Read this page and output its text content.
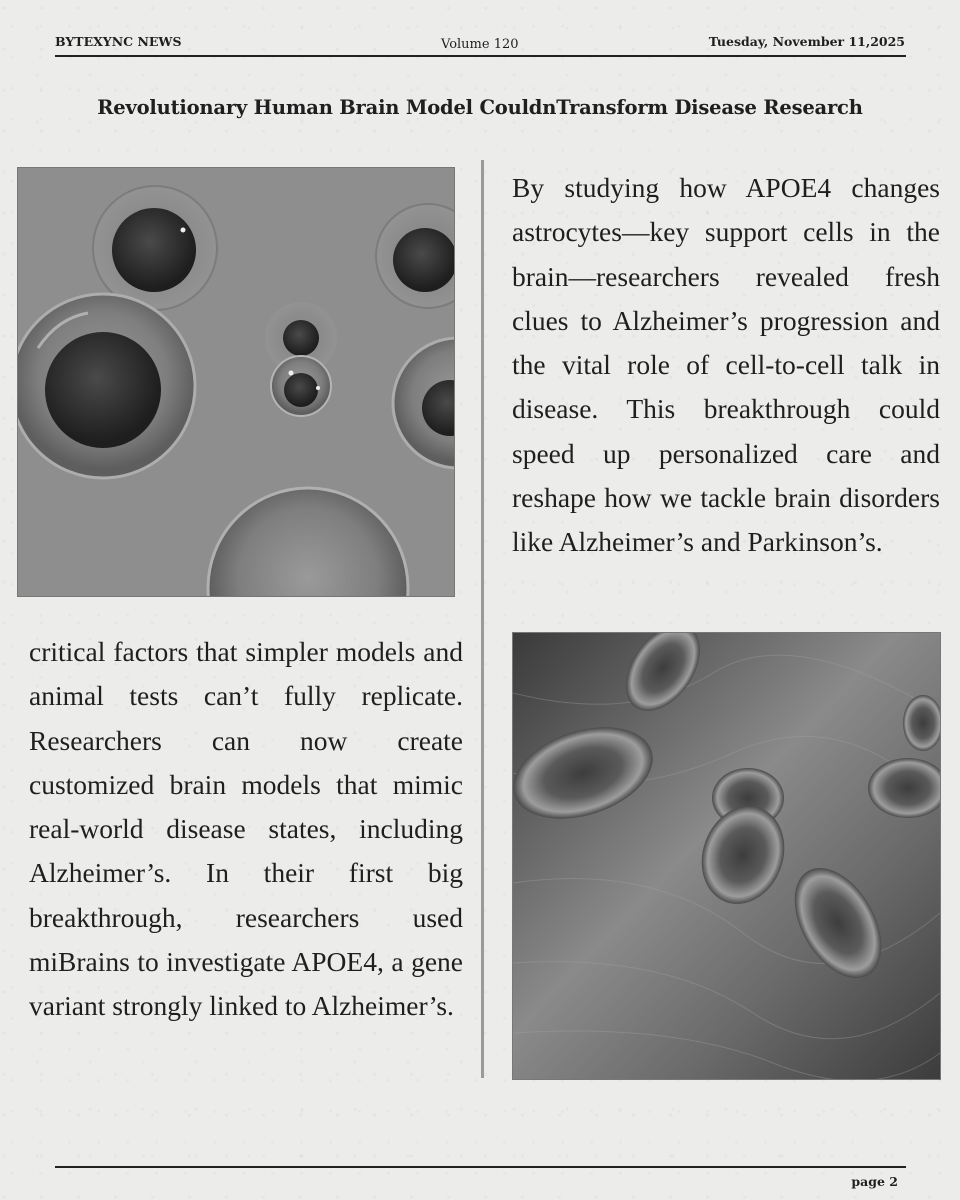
BYTEXYNC NEWS	Volume 120	Tuesday, November 11,2025
Revolutionary Human Brain Model CouldnTransform Disease Research

By studying how APOE4 changes astrocytes—key support cells in the brain—researchers revealed fresh clues to Alzheimer’s progression and the vital role of cell-to-cell talk in disease. This breakthrough could speed up personalized care and reshape how we tackle brain disorders like Alzheimer’s and Parkinson’s.

critical factors that simpler models and animal tests can’t fully replicate. Researchers can now create customized brain models that mimic real-world disease states, including Alzheimer’s. In their first big breakthrough, researchers used miBrains to investigate APOE4, a gene variant strongly linked to Alzheimer’s.

page 2
